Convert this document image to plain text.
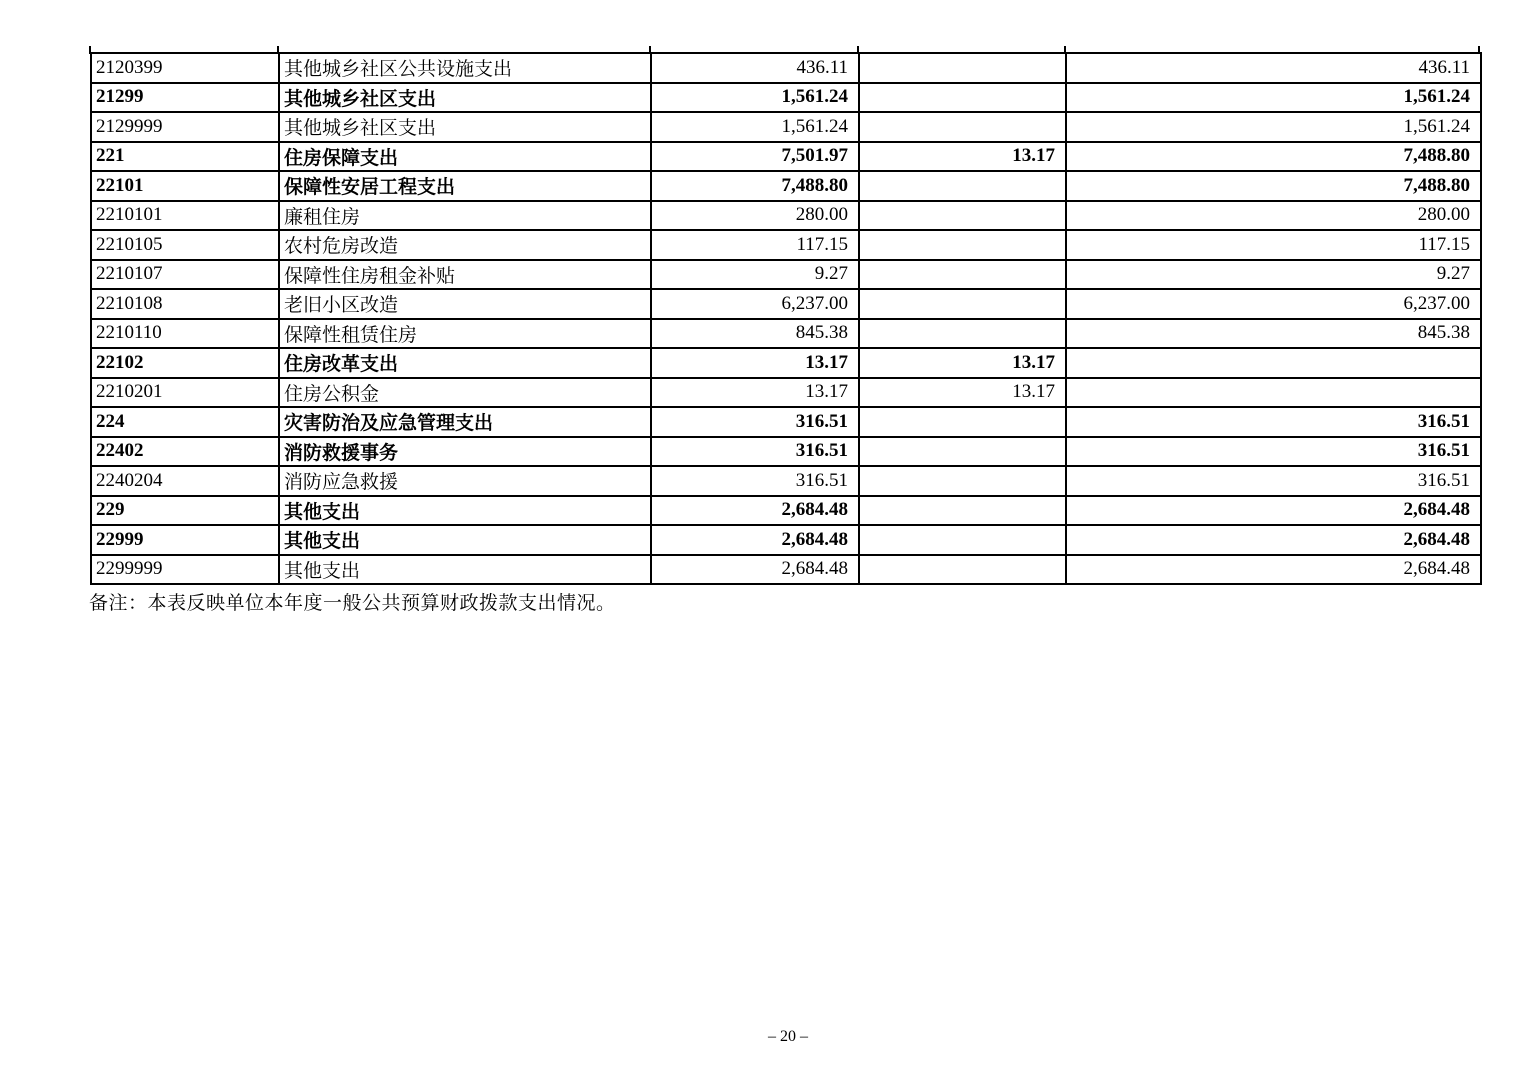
2120399	其他城乡社区公共设施支出	436.11		436.11
21299	其他城乡社区支出	1,561.24		1,561.24
2129999	其他城乡社区支出	1,561.24		1,561.24
221	住房保障支出	7,501.97	13.17	7,488.80
22101	保障性安居工程支出	7,488.80		7,488.80
2210101	廉租住房	280.00		280.00
2210105	农村危房改造	117.15		117.15
2210107	保障性住房租金补贴	9.27		9.27
2210108	老旧小区改造	6,237.00		6,237.00
2210110	保障性租赁住房	845.38		845.38
22102	住房改革支出	13.17	13.17	
2210201	住房公积金	13.17	13.17	
224	灾害防治及应急管理支出	316.51		316.51
22402	消防救援事务	316.51		316.51
2240204	消防应急救援	316.51		316.51
229	其他支出	2,684.48		2,684.48
22999	其他支出	2,684.48		2,684.48
2299999	其他支出	2,684.48		2,684.48
备注：本表反映单位本年度一般公共预算财政拨款支出情况。
– 20 –
